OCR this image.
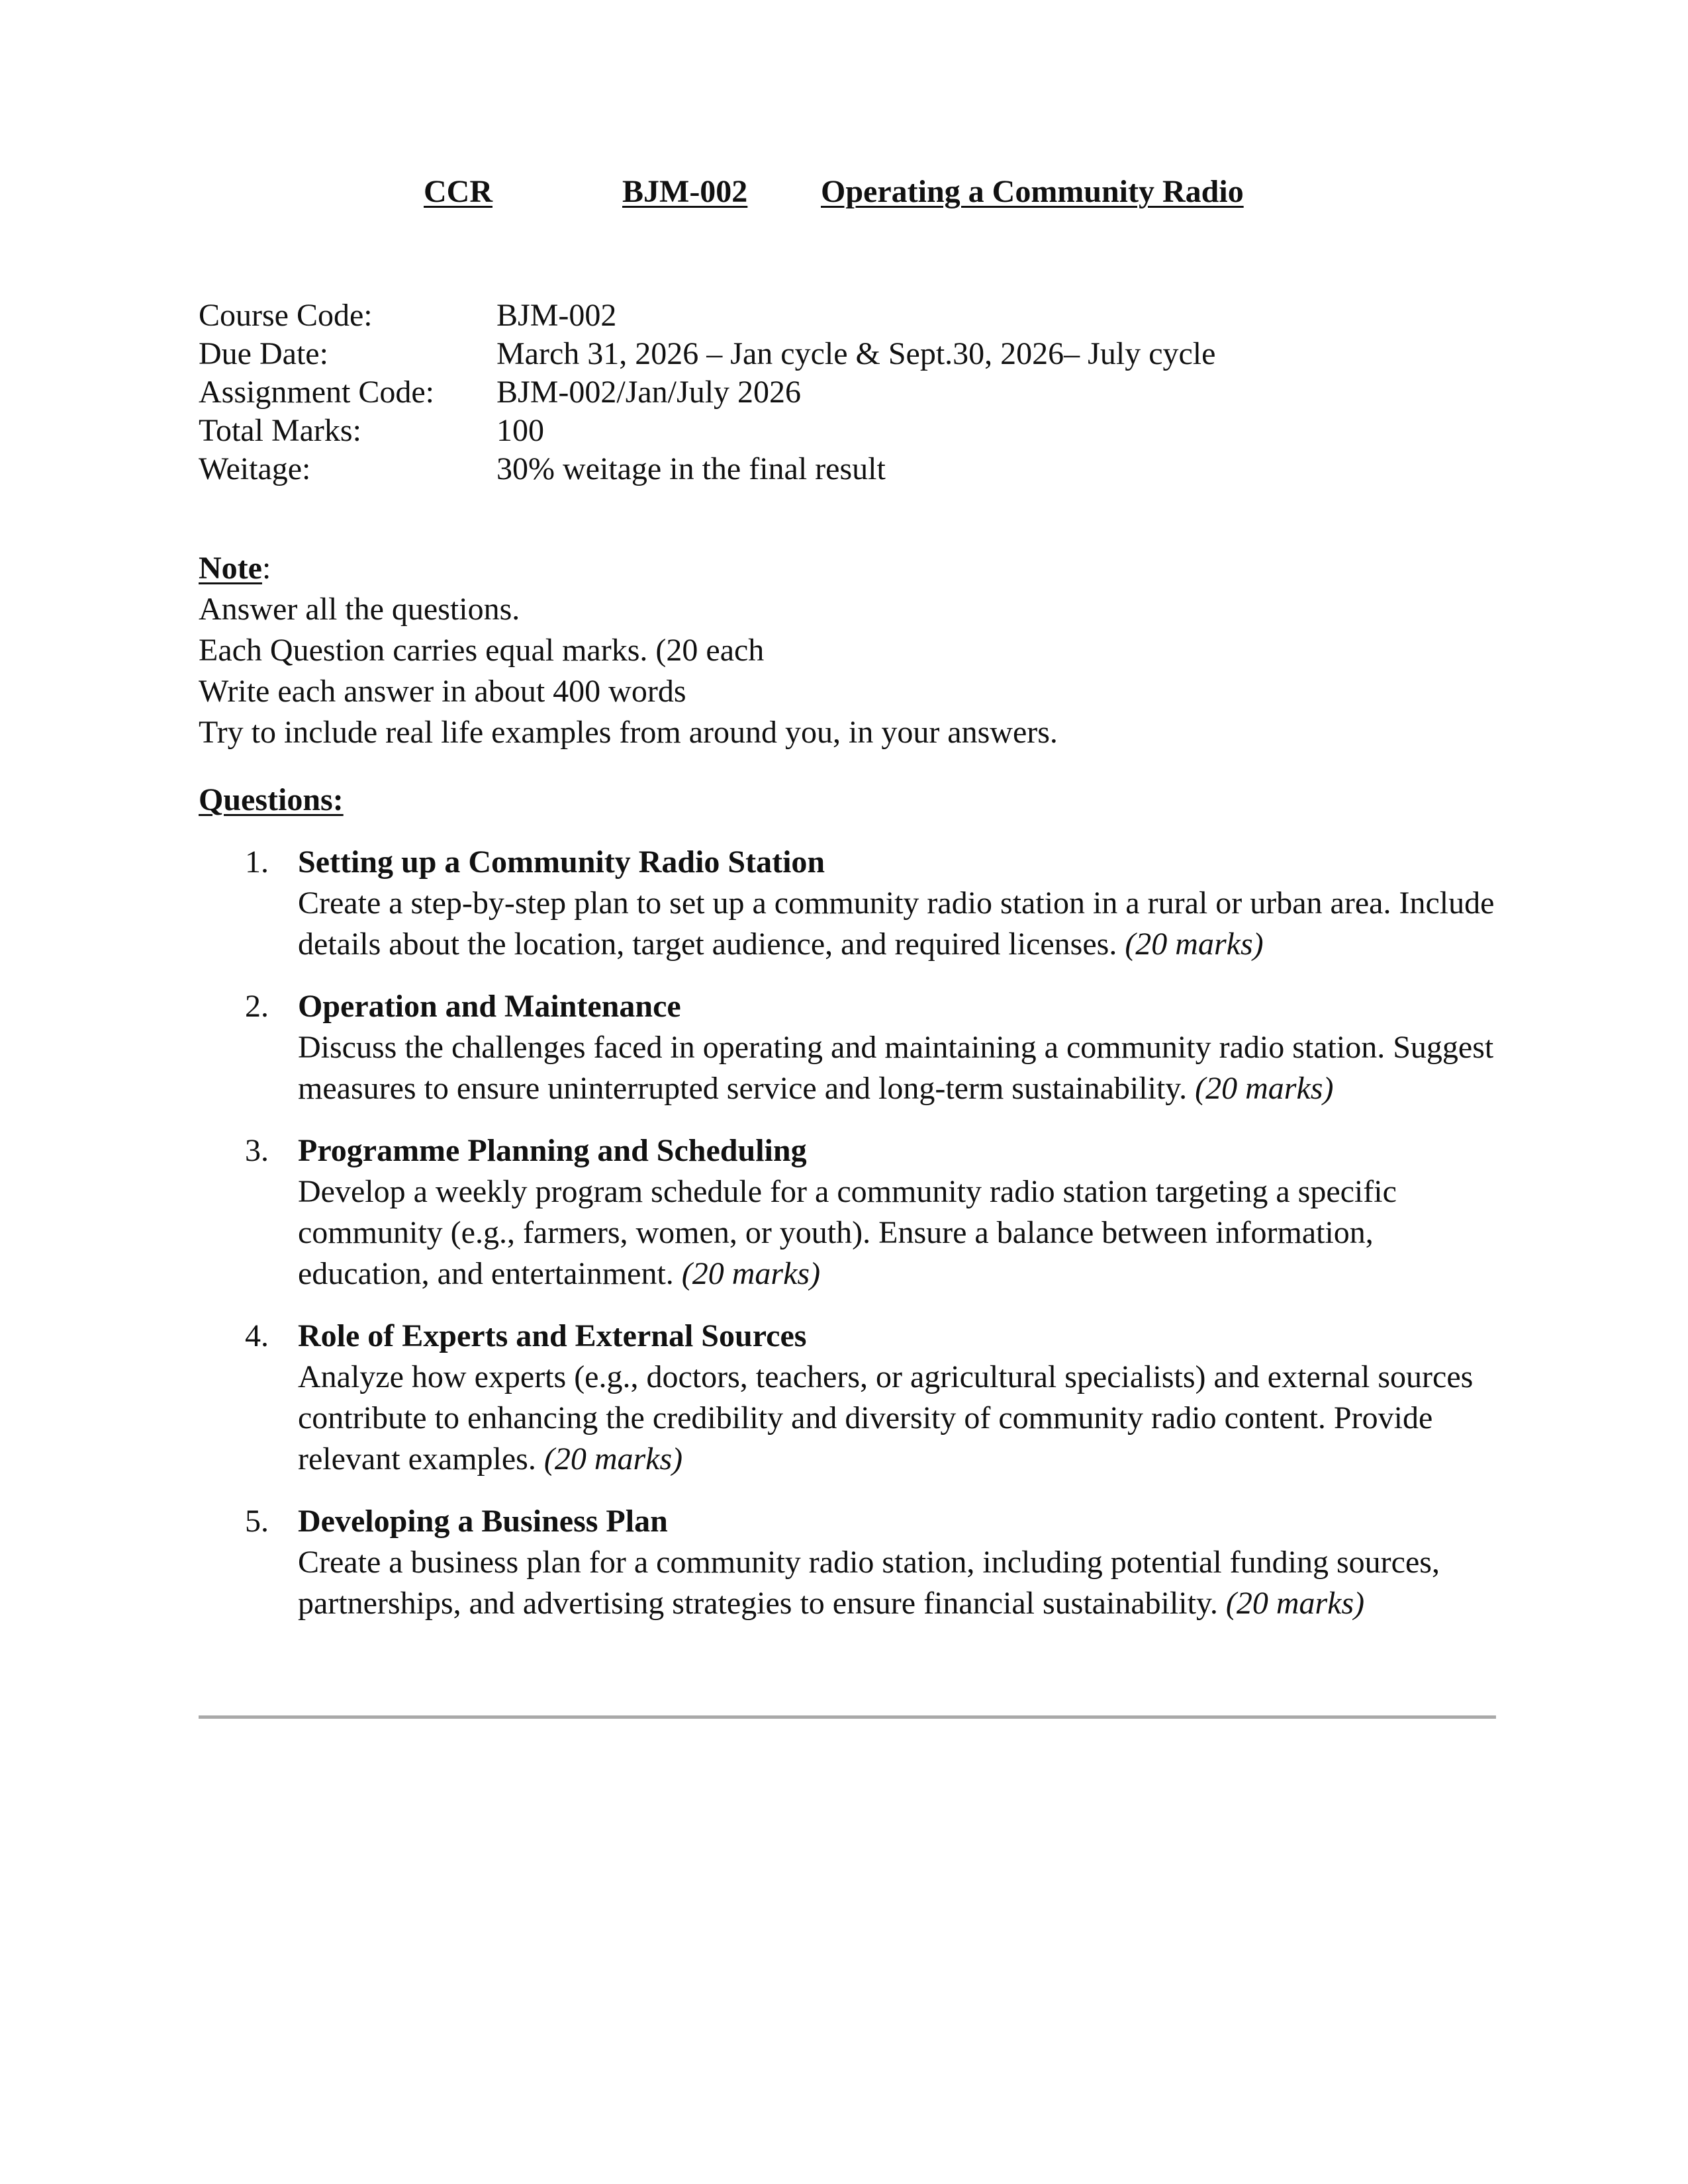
CCR	BJM-002 Operating a Community Radio
Course Code:	BJM-002
Due Date:	March 31, 2026 – Jan cycle & Sept.30, 2026– July cycle
Assignment Code: BJM-002/Jan/July 2026
Total Marks:	100
Weitage:	30% weitage in the final result
Note:
Answer all the questions.
Each Question carries equal marks. (20 each
Write each answer in about 400 words
Try to include real life examples from around you, in your answers.
Questions:
1. Setting up a Community Radio Station
Create a step-by-step plan to set up a community radio station in a rural or urban area. Include details about the location, target audience, and required licenses. (20 marks)
2. Operation and Maintenance
Discuss the challenges faced in operating and maintaining a community radio station. Suggest measures to ensure uninterrupted service and long-term sustainability. (20 marks)
3. Programme Planning and Scheduling
Develop a weekly program schedule for a community radio station targeting a specific community (e.g., farmers, women, or youth). Ensure a balance between information, education, and entertainment. (20 marks)
4. Role of Experts and External Sources
Analyze how experts (e.g., doctors, teachers, or agricultural specialists) and external sources contribute to enhancing the credibility and diversity of community radio content. Provide relevant examples. (20 marks)
5. Developing a Business Plan
Create a business plan for a community radio station, including potential funding sources, partnerships, and advertising strategies to ensure financial sustainability. (20 marks)
